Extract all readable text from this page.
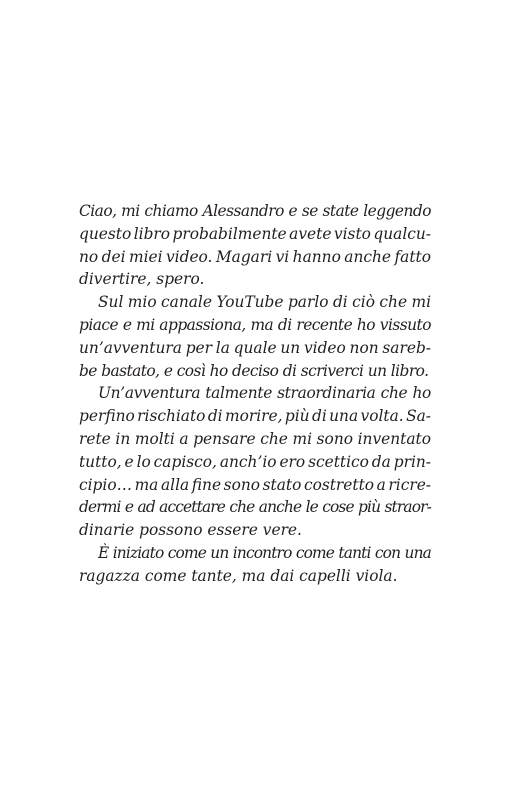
Ciao, mi chiamo Alessandro e se state leggendo
questo libro probabilmente avete visto qualcu-
no dei miei video. Magari vi hanno anche fatto
divertire, spero.
Sul mio canale YouTube parlo di ciò che mi
piace e mi appassiona, ma di recente ho vissuto
un’avventura per la quale un video non sareb-
be bastato, e così ho deciso di scriverci un libro.
Un’avventura talmente straordinaria che ho
perfino rischiato di morire, più di una volta. Sa-
rete in molti a pensare che mi sono inventato
tutto, e lo capisco, anch’io ero scettico da prin-
cipio… ma alla fine sono stato costretto a ricre-
dermi e ad accettare che anche le cose più straor-
dinarie possono essere vere.
È iniziato come un incontro come tanti con una
ragazza come tante, ma dai capelli viola.
